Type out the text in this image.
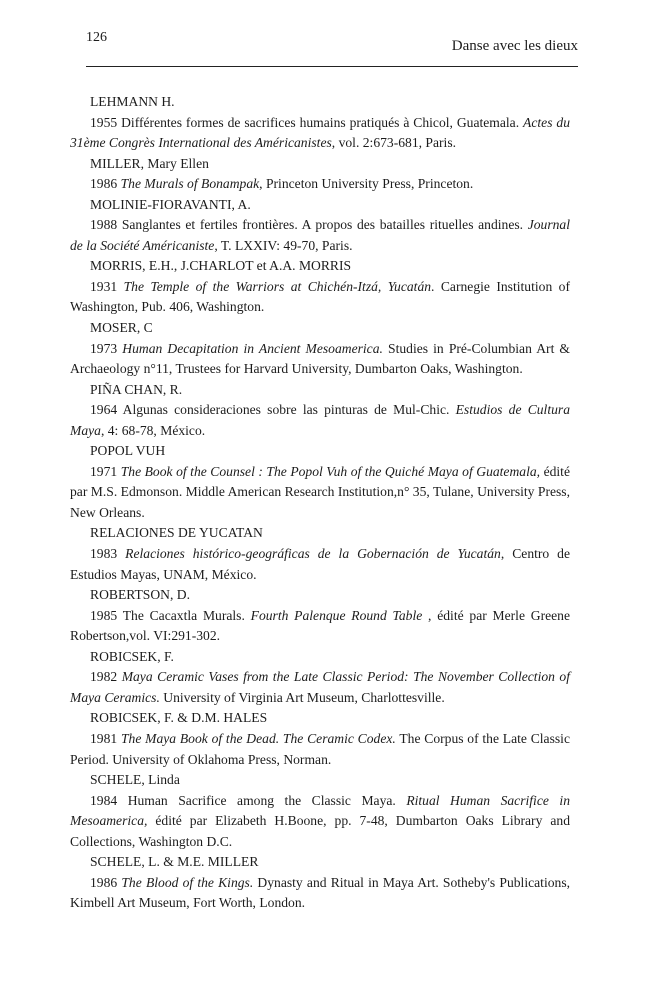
126
Danse avec les dieux

LEHMANN H.

1955 Différentes formes de sacrifices humains pratiqués à Chicol, Guatemala. Actes du 31ème Congrès International des Américanistes, vol. 2:673-681, Paris.

MILLER, Mary Ellen

1986 The Murals of Bonampak, Princeton University Press, Princeton.

MOLINIE-FIORAVANTI, A.

1988 Sanglantes et fertiles frontières. A propos des batailles rituelles andines. Journal de la Société Américaniste, T. LXXIV: 49-70, Paris.

MORRIS, E.H., J.CHARLOT et A.A. MORRIS

1931 The Temple of the Warriors at Chichén-Itzá, Yucatán. Carnegie Institution of Washington, Pub. 406, Washington.

MOSER, C

1973 Human Decapitation in Ancient Mesoamerica. Studies in Pré-Columbian Art & Archaeology n°11, Trustees for Harvard University, Dumbarton Oaks, Washington.

PIÑA CHAN, R.

1964 Algunas consideraciones sobre las pinturas de Mul-Chic. Estudios de Cultura Maya, 4: 68-78, México.

POPOL VUH

1971 The Book of the Counsel : The Popol Vuh of the Quiché Maya of Guatemala, édité par M.S. Edmonson. Middle American Research Institution,n° 35, Tulane, University Press, New Orleans.

RELACIONES DE YUCATAN

1983 Relaciones histórico-geográficas de la Gobernación de Yucatán, Centro de Estudios Mayas, UNAM, México.

ROBERTSON, D.

1985 The Cacaxtla Murals. Fourth Palenque Round Table , édité par Merle Greene Robertson,vol. VI:291-302.

ROBICSEK, F.

1982 Maya Ceramic Vases from the Late Classic Period: The November Collection of Maya Ceramics. University of Virginia Art Museum, Charlottesville.

ROBICSEK, F. & D.M. HALES

1981 The Maya Book of the Dead. The Ceramic Codex. The Corpus of the Late Classic Period. University of Oklahoma Press, Norman.

SCHELE, Linda

1984 Human Sacrifice among the Classic Maya. Ritual Human Sacrifice in Mesoamerica, édité par Elizabeth H.Boone, pp. 7-48, Dumbarton Oaks Library and Collections, Washington D.C.

SCHELE, L. & M.E. MILLER

1986 The Blood of the Kings. Dynasty and Ritual in Maya Art. Sotheby's Publications, Kimbell Art Museum, Fort Worth, London.
